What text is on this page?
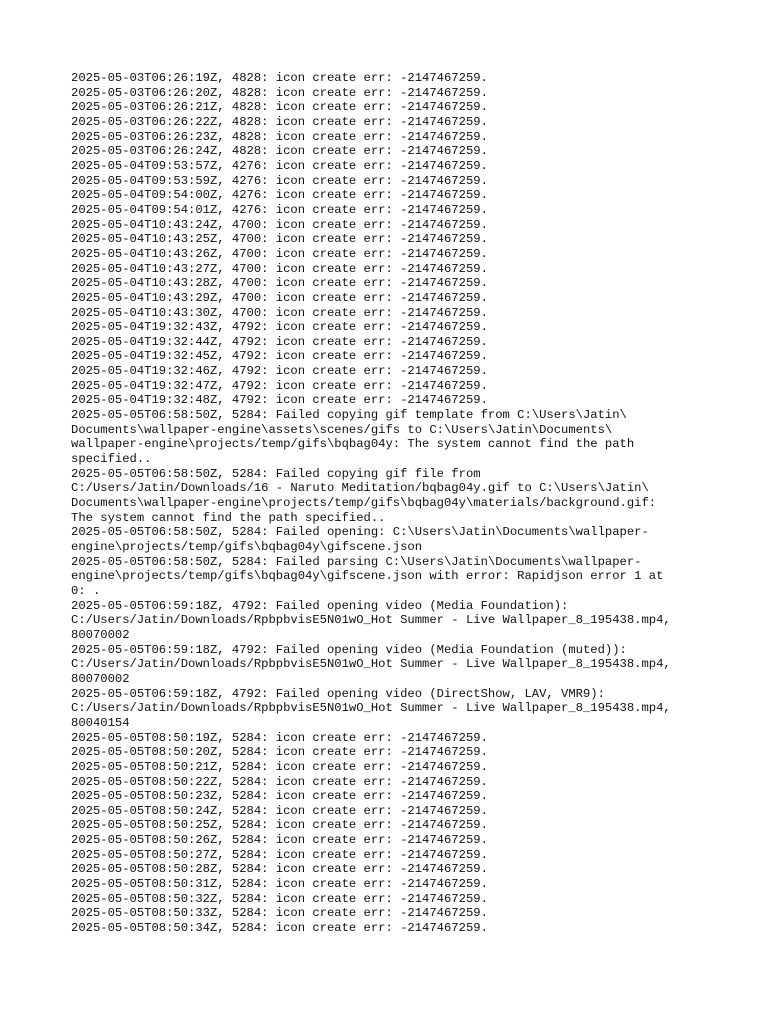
2025-05-03T06:26:19Z, 4828: icon create err: -2147467259.
2025-05-03T06:26:20Z, 4828: icon create err: -2147467259.
2025-05-03T06:26:21Z, 4828: icon create err: -2147467259.
2025-05-03T06:26:22Z, 4828: icon create err: -2147467259.
2025-05-03T06:26:23Z, 4828: icon create err: -2147467259.
2025-05-03T06:26:24Z, 4828: icon create err: -2147467259.
2025-05-04T09:53:57Z, 4276: icon create err: -2147467259.
2025-05-04T09:53:59Z, 4276: icon create err: -2147467259.
2025-05-04T09:54:00Z, 4276: icon create err: -2147467259.
2025-05-04T09:54:01Z, 4276: icon create err: -2147467259.
2025-05-04T10:43:24Z, 4700: icon create err: -2147467259.
2025-05-04T10:43:25Z, 4700: icon create err: -2147467259.
2025-05-04T10:43:26Z, 4700: icon create err: -2147467259.
2025-05-04T10:43:27Z, 4700: icon create err: -2147467259.
2025-05-04T10:43:28Z, 4700: icon create err: -2147467259.
2025-05-04T10:43:29Z, 4700: icon create err: -2147467259.
2025-05-04T10:43:30Z, 4700: icon create err: -2147467259.
2025-05-04T19:32:43Z, 4792: icon create err: -2147467259.
2025-05-04T19:32:44Z, 4792: icon create err: -2147467259.
2025-05-04T19:32:45Z, 4792: icon create err: -2147467259.
2025-05-04T19:32:46Z, 4792: icon create err: -2147467259.
2025-05-04T19:32:47Z, 4792: icon create err: -2147467259.
2025-05-04T19:32:48Z, 4792: icon create err: -2147467259.
2025-05-05T06:58:50Z, 5284: Failed copying gif template from C:\Users\Jatin\
Documents\wallpaper-engine\assets\scenes/gifs to C:\Users\Jatin\Documents\
wallpaper-engine\projects/temp/gifs\bqbag04y: The system cannot find the path
specified..
2025-05-05T06:58:50Z, 5284: Failed copying gif file from
C:/Users/Jatin/Downloads/16 - Naruto Meditation/bqbag04y.gif to C:\Users\Jatin\
Documents\wallpaper-engine\projects/temp/gifs\bqbag04y\materials/background.gif:
The system cannot find the path specified..
2025-05-05T06:58:50Z, 5284: Failed opening: C:\Users\Jatin\Documents\wallpaper-
engine\projects/temp/gifs\bqbag04y\gifscene.json
2025-05-05T06:58:50Z, 5284: Failed parsing C:\Users\Jatin\Documents\wallpaper-
engine\projects/temp/gifs\bqbag04y\gifscene.json with error: Rapidjson error 1 at
0: .
2025-05-05T06:59:18Z, 4792: Failed opening video (Media Foundation):
C:/Users/Jatin/Downloads/RpbpbvisE5N01wO_Hot Summer - Live Wallpaper_8_195438.mp4,
80070002
2025-05-05T06:59:18Z, 4792: Failed opening video (Media Foundation (muted)):
C:/Users/Jatin/Downloads/RpbpbvisE5N01wO_Hot Summer - Live Wallpaper_8_195438.mp4,
80070002
2025-05-05T06:59:18Z, 4792: Failed opening video (DirectShow, LAV, VMR9):
C:/Users/Jatin/Downloads/RpbpbvisE5N01wO_Hot Summer - Live Wallpaper_8_195438.mp4,
80040154
2025-05-05T08:50:19Z, 5284: icon create err: -2147467259.
2025-05-05T08:50:20Z, 5284: icon create err: -2147467259.
2025-05-05T08:50:21Z, 5284: icon create err: -2147467259.
2025-05-05T08:50:22Z, 5284: icon create err: -2147467259.
2025-05-05T08:50:23Z, 5284: icon create err: -2147467259.
2025-05-05T08:50:24Z, 5284: icon create err: -2147467259.
2025-05-05T08:50:25Z, 5284: icon create err: -2147467259.
2025-05-05T08:50:26Z, 5284: icon create err: -2147467259.
2025-05-05T08:50:27Z, 5284: icon create err: -2147467259.
2025-05-05T08:50:28Z, 5284: icon create err: -2147467259.
2025-05-05T08:50:31Z, 5284: icon create err: -2147467259.
2025-05-05T08:50:32Z, 5284: icon create err: -2147467259.
2025-05-05T08:50:33Z, 5284: icon create err: -2147467259.
2025-05-05T08:50:34Z, 5284: icon create err: -2147467259.
